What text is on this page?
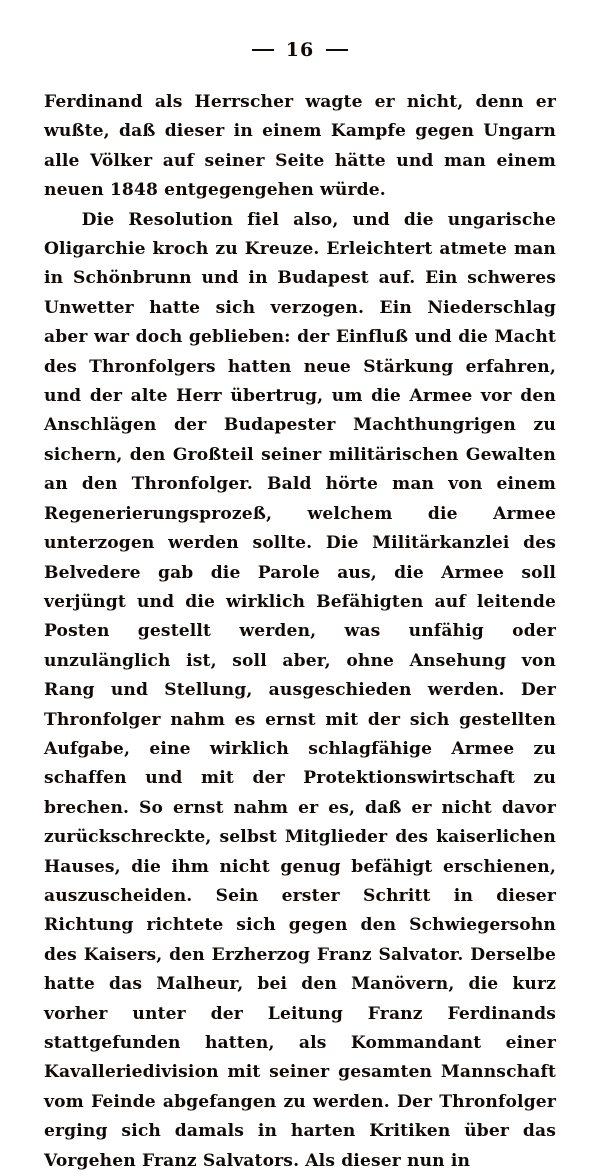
16

Ferdinand als Herrscher wagte er nicht, denn er wußte, daß dieser in einem Kampfe gegen Ungarn alle Völker auf seiner Seite hätte und man einem neuen 1848 entgegengehen würde.

Die Resolution fiel also, und die ungarische Oligarchie kroch zu Kreuze. Erleichtert atmete man in Schönbrunn und in Budapest auf. Ein schweres Unwetter hatte sich verzogen. Ein Niederschlag aber war doch geblieben: der Einfluß und die Macht des Thronfolgers hatten neue Stärkung erfahren, und der alte Herr übertrug, um die Armee vor den Anschlägen der Budapester Machthungrigen zu sichern, den Großteil seiner militärischen Gewalten an den Thronfolger. Bald hörte man von einem Regenerierungsprozeß, welchem die Armee unterzogen werden sollte. Die Militärkanzlei des Belvedere gab die Parole aus, die Armee soll verjüngt und die wirklich Befähigten auf leitende Posten gestellt werden, was unfähig oder unzulänglich ist, soll aber, ohne Ansehung von Rang und Stellung, ausgeschieden werden. Der Thronfolger nahm es ernst mit der sich gestellten Aufgabe, eine wirklich schlagfähige Armee zu schaffen und mit der Protektionswirtschaft zu brechen. So ernst nahm er es, daß er nicht davor zurückschreckte, selbst Mitglieder des kaiserlichen Hauses, die ihm nicht genug befähigt erschienen, auszuscheiden. Sein erster Schritt in dieser Richtung richtete sich gegen den Schwiegersohn des Kaisers, den Erzherzog Franz Salvator. Derselbe hatte das Malheur, bei den Manövern, die kurz vorher unter der Leitung Franz Ferdinands stattgefunden hatten, als Kommandant einer Kavalleriedivision mit seiner gesamten Mannschaft vom Feinde abgefangen zu werden. Der Thronfolger erging sich damals in harten Kritiken über das Vorgehen Franz Salvators. Als dieser nun in
